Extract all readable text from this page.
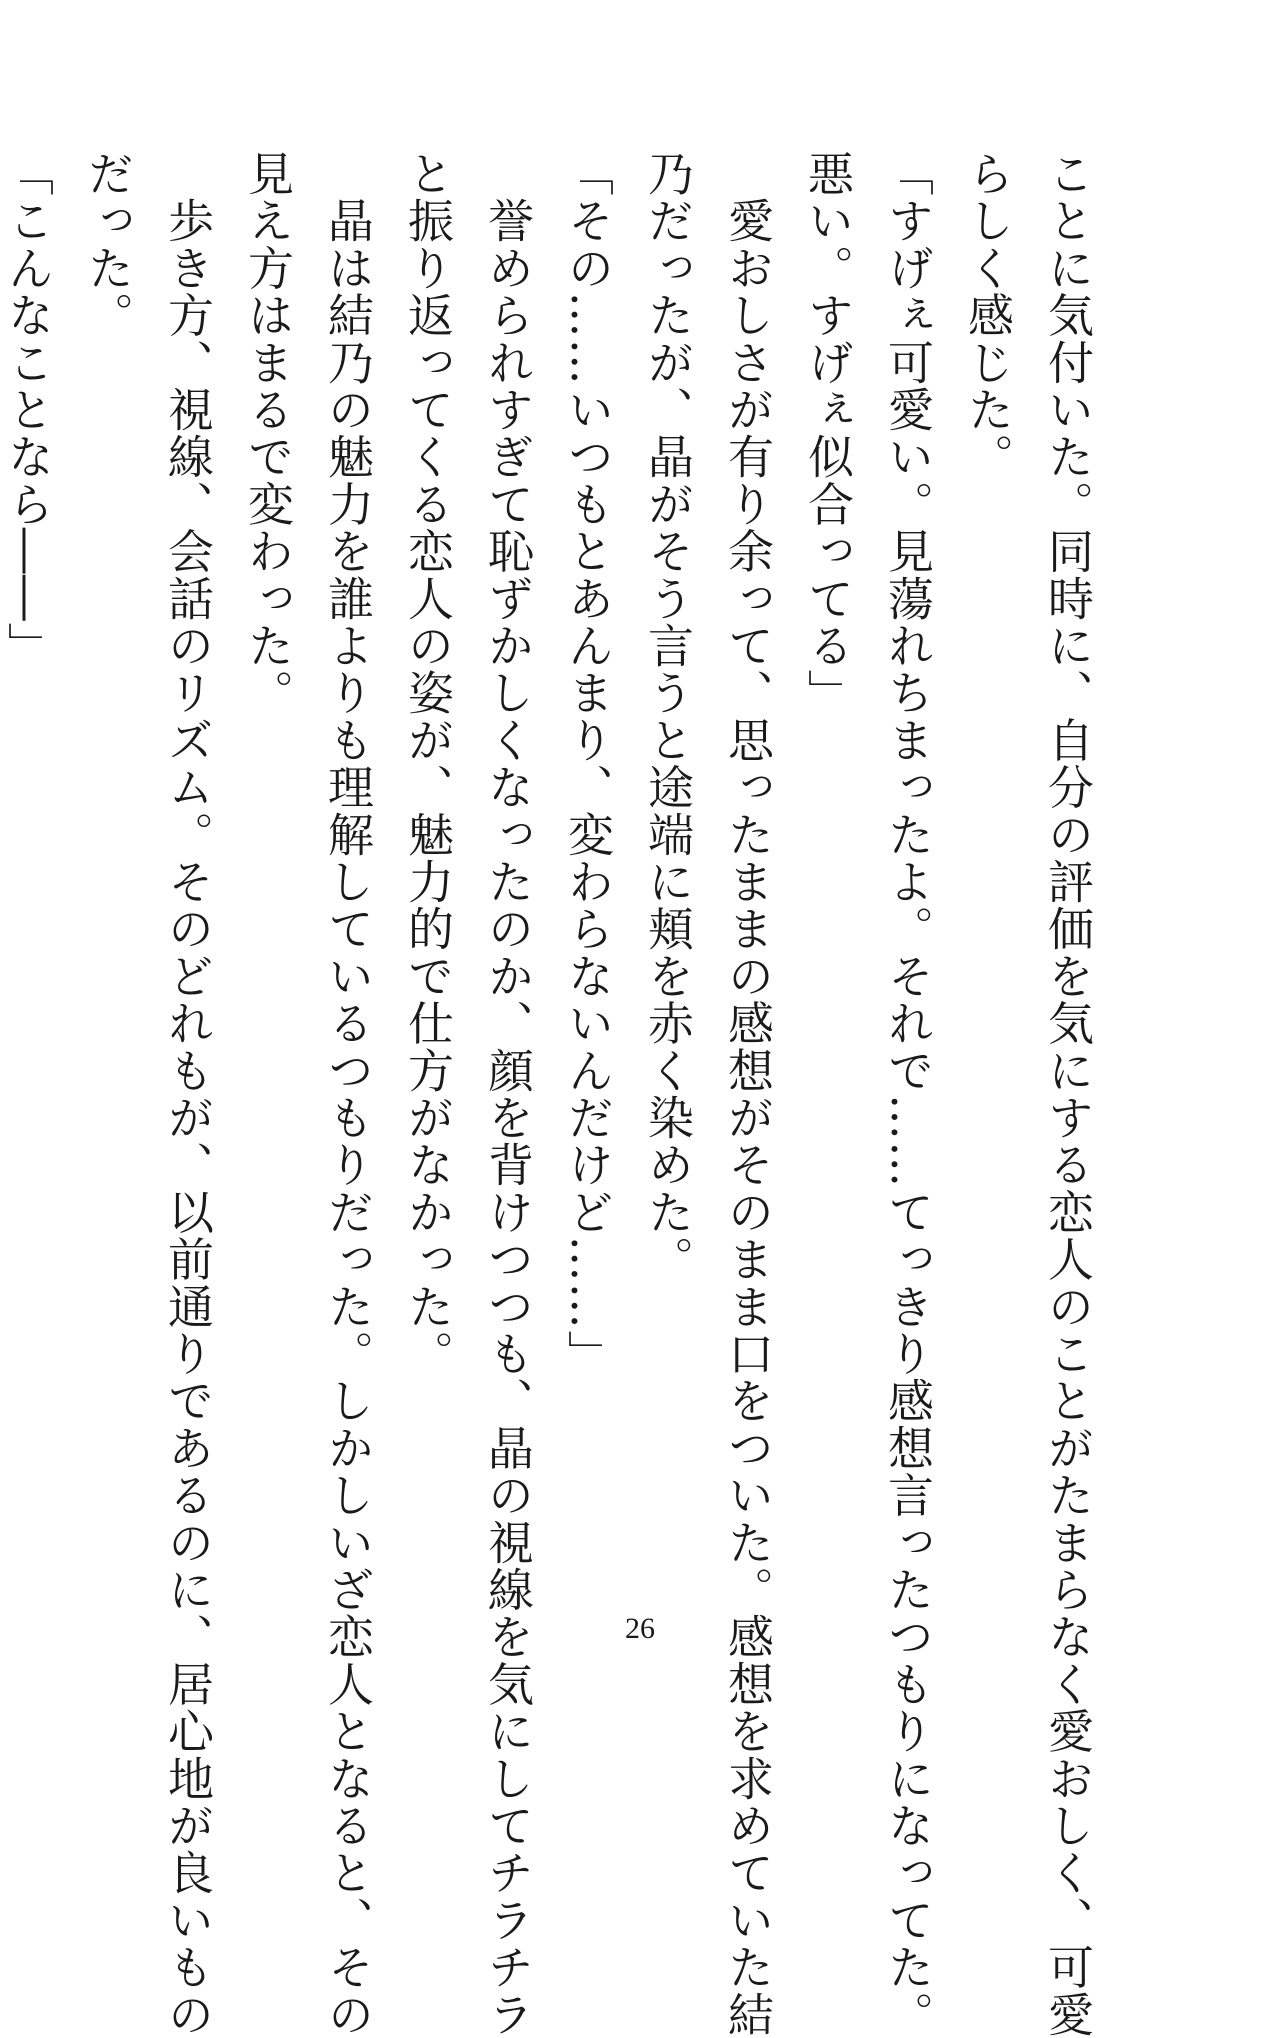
ことに気付いた。同時に、自分の評価を気にする恋人のことがたまらなく愛おしく、可愛
らしく感じた。
「すげぇ可愛い。見蕩れちまったよ。それで……てっきり感想言ったつもりになってた。
悪い。すげぇ似合ってる」
　愛おしさが有り余って、思ったままの感想がそのまま口をついた。感想を求めていた結
乃だったが、晶がそう言うと途端に頬を赤く染めた。
「その……いつもとあんまり、変わらないんだけど……」
　誉められすぎて恥ずかしくなったのか、顔を背けつつも、晶の視線を気にしてチラチラ
と振り返ってくる恋人の姿が、魅力的で仕方がなかった。
　晶は結乃の魅力を誰よりも理解しているつもりだった。しかしいざ恋人となると、その
見え方はまるで変わった。
　歩き方、視線、会話のリズム。そのどれもが、以前通りであるのに、居心地が良いもの
だった。
「こんなことなら――」
26
